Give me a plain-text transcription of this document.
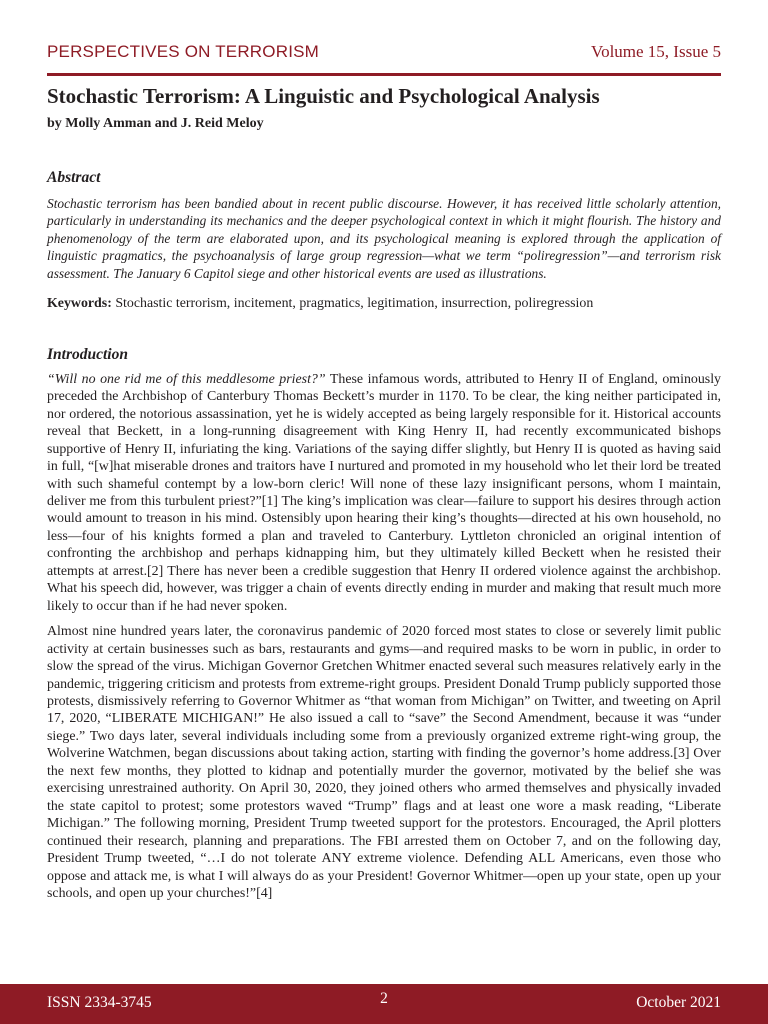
PERSPECTIVES ON TERRORISM	Volume 15, Issue 5
Stochastic Terrorism: A Linguistic and Psychological Analysis
by Molly Amman and J. Reid Meloy
Abstract

Stochastic terrorism has been bandied about in recent public discourse. However, it has received little scholarly attention, particularly in understanding its mechanics and the deeper psychological context in which it might flourish. The history and phenomenology of the term are elaborated upon, and its psychological meaning is explored through the application of linguistic pragmatics, the psychoanalysis of large group regression—what we term “poliregression”—and terrorism risk assessment. The January 6 Capitol siege and other historical events are used as illustrations.

Keywords: Stochastic terrorism, incitement, pragmatics, legitimation, insurrection, poliregression
Introduction

“Will no one rid me of this meddlesome priest?” These infamous words, attributed to Henry II of England, ominously preceded the Archbishop of Canterbury Thomas Beckett’s murder in 1170. To be clear, the king neither participated in, nor ordered, the notorious assassination, yet he is widely accepted as being largely responsible for it. Historical accounts reveal that Beckett, in a long-running disagreement with King Henry II, had recently excommunicated bishops supportive of Henry II, infuriating the king. Variations of the saying differ slightly, but Henry II is quoted as having said in full, “[w]hat miserable drones and traitors have I nurtured and promoted in my household who let their lord be treated with such shameful contempt by a low-born cleric! Will none of these lazy insignificant persons, whom I maintain, deliver me from this turbulent priest?”[1] The king’s implication was clear—failure to support his desires through action would amount to treason in his mind. Ostensibly upon hearing their king’s thoughts—directed at his own household, no less—four of his knights formed a plan and traveled to Canterbury. Lyttleton chronicled an original intention of confronting the archbishop and perhaps kidnapping him, but they ultimately killed Beckett when he resisted their attempts at arrest.[2] There has never been a credible suggestion that Henry II ordered violence against the archbishop. What his speech did, however, was trigger a chain of events directly ending in murder and making that result much more likely to occur than if he had never spoken.

Almost nine hundred years later, the coronavirus pandemic of 2020 forced most states to close or severely limit public activity at certain businesses such as bars, restaurants and gyms—and required masks to be worn in public, in order to slow the spread of the virus. Michigan Governor Gretchen Whitmer enacted several such measures relatively early in the pandemic, triggering criticism and protests from extreme-right groups. President Donald Trump publicly supported those protests, dismissively referring to Governor Whitmer as “that woman from Michigan” on Twitter, and tweeting on April 17, 2020, “LIBERATE MICHIGAN!” He also issued a call to “save” the Second Amendment, because it was “under siege.” Two days later, several individuals including some from a previously organized extreme right-wing group, the Wolverine Watchmen, began discussions about taking action, starting with finding the governor’s home address.[3] Over the next few months, they plotted to kidnap and potentially murder the governor, motivated by the belief she was exercising unrestrained authority. On April 30, 2020, they joined others who armed themselves and physically invaded the state capitol to protest; some protestors waved “Trump” flags and at least one wore a mask reading, “Liberate Michigan.” The following morning, President Trump tweeted support for the protestors. Encouraged, the April plotters continued their research, planning and preparations. The FBI arrested them on October 7, and on the following day, President Trump tweeted, “…I do not tolerate ANY extreme violence. Defending ALL Americans, even those who oppose and attack me, is what I will always do as your President! Governor Whitmer—open up your state, open up your schools, and open up your churches!”[4]

ISSN 2334-3745	2	October 2021
